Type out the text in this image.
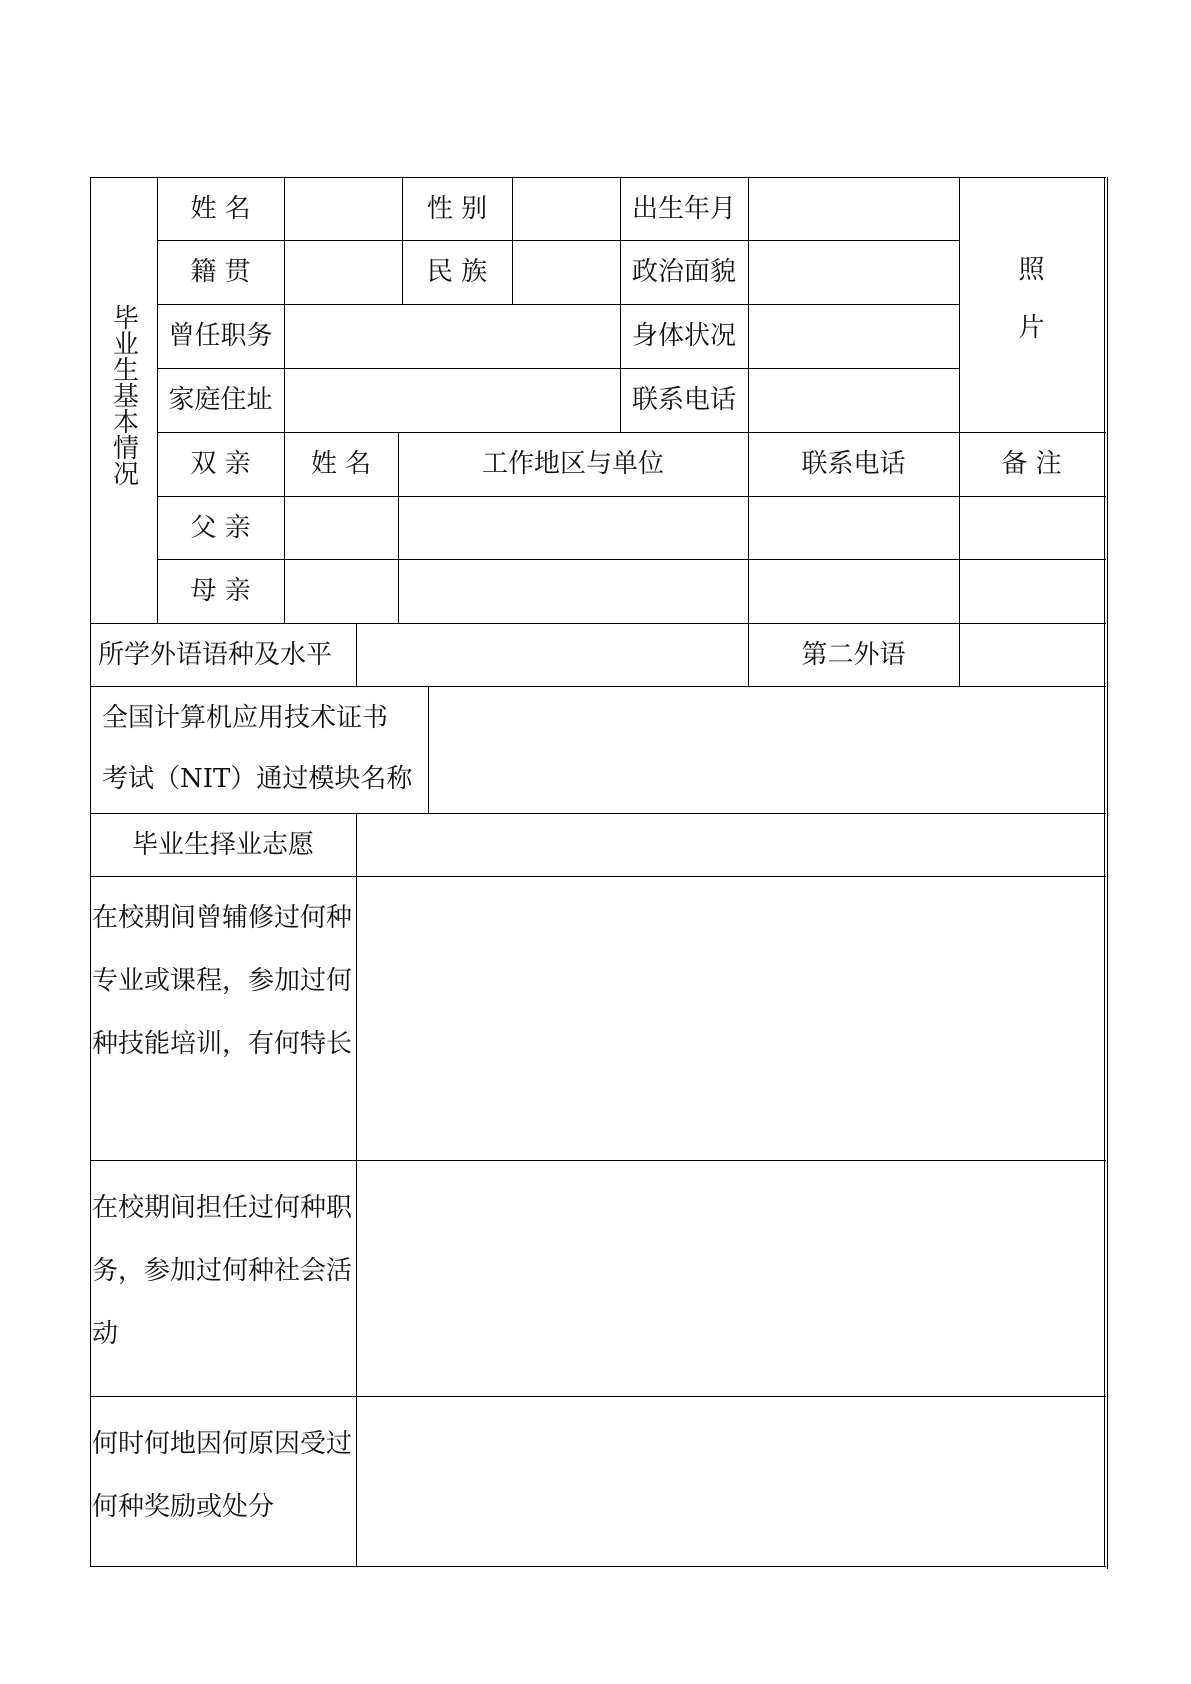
毕业生基本情况
姓 名	性 别	出生年月
照
片
籍 贯	民 族	政治面貌
曾任职务	身体状况
家庭住址	联系电话
双 亲	姓 名	工作地区与单位	联系电话	备 注
父 亲
母 亲
所学外语语种及水平	第二外语
全国计算机应用技术证书
考试（NIT）通过模块名称
毕业生择业志愿
在校期间曾辅修过何种专业或课程，参加过何种技能培训，有何特长
在校期间担任过何种职务，参加过何种社会活动
何时何地因何原因受过何种奖励或处分
